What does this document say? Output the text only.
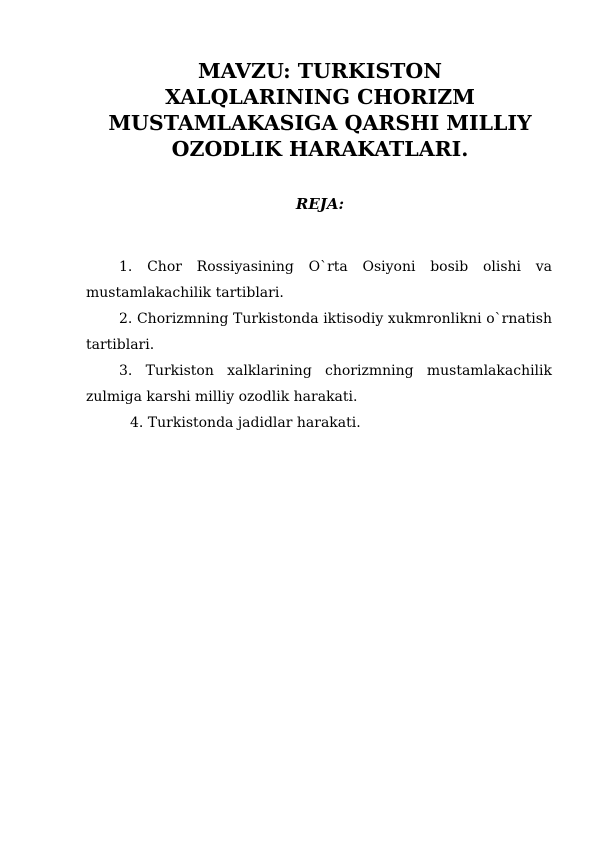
MAVZU: TURKISTON
XALQLARINING CHORIZM
MUSTAMLAKASIGA QARSHI MILLIY
OZODLIK HARAKATLARI.
REJA:
1. Chor Rossiyasining O`rta Osiyoni bosib olishi va mustamlakachilik tartiblari.
2. Chorizmning Turkistonda iktisodiy xukmronlikni o`rnatish tartiblari.
3. Turkiston xalklarining chorizmning mustamlakachilik zulmiga karshi milliy ozodlik harakati.
4. Turkistonda jadidlar harakati.
